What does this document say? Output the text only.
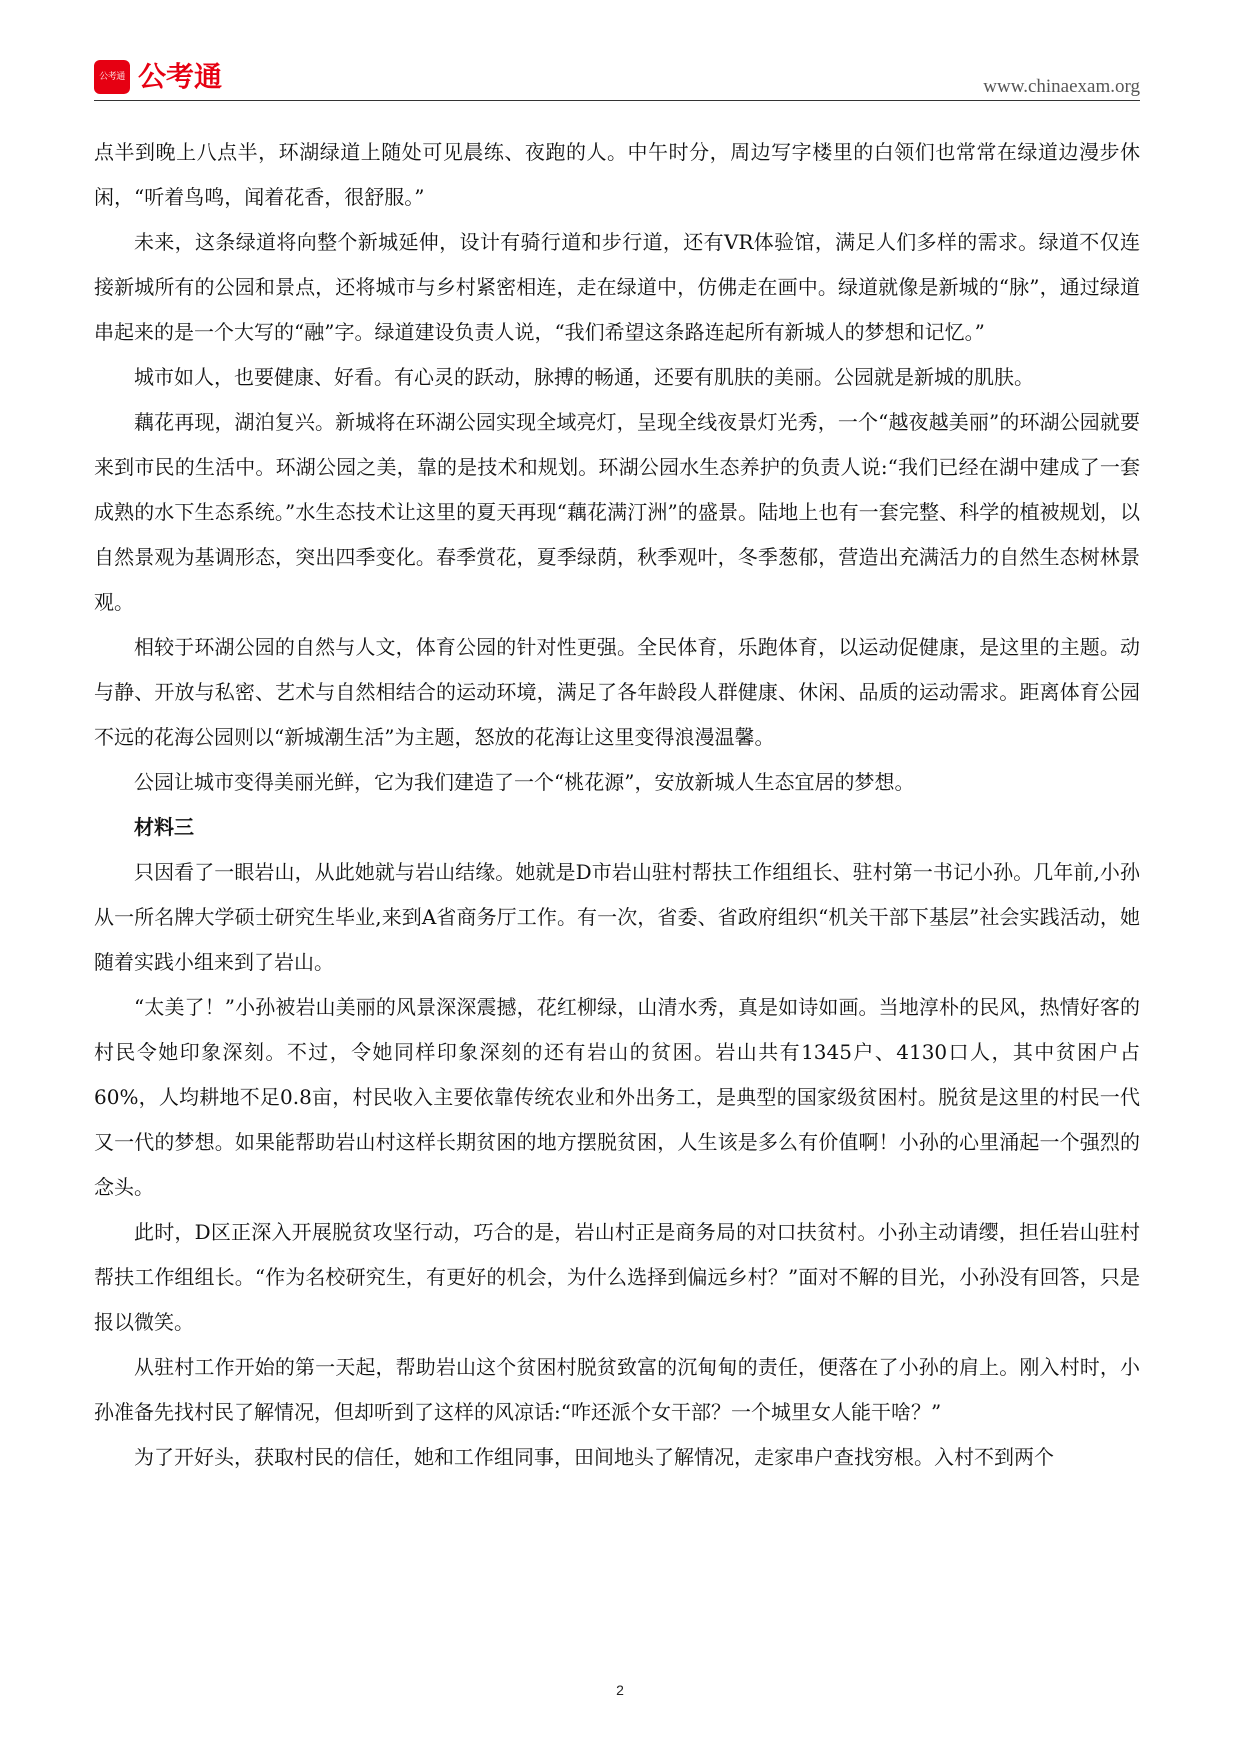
公考通 公考通	www.chinaexam.org

点半到晚上八点半，环湖绿道上随处可见晨练、夜跑的人。中午时分，周边写字楼里的白领们也常常在绿道边漫步休闲，“听着鸟鸣，闻着花香，很舒服。”

未来，这条绿道将向整个新城延伸，设计有骑行道和步行道，还有VR体验馆，满足人们多样的需求。绿道不仅连接新城所有的公园和景点，还将城市与乡村紧密相连，走在绿道中，仿佛走在画中。绿道就像是新城的“脉”，通过绿道串起来的是一个大写的“融”字。绿道建设负责人说，“我们希望这条路连起所有新城人的梦想和记忆。”

城市如人，也要健康、好看。有心灵的跃动，脉搏的畅通，还要有肌肤的美丽。公园就是新城的肌肤。

藕花再现，湖泊复兴。新城将在环湖公园实现全域亮灯，呈现全线夜景灯光秀，一个“越夜越美丽”的环湖公园就要来到市民的生活中。环湖公园之美，靠的是技术和规划。环湖公园水生态养护的负责人说:“我们已经在湖中建成了一套成熟的水下生态系统。”水生态技术让这里的夏天再现“藕花满汀洲”的盛景。陆地上也有一套完整、科学的植被规划，以自然景观为基调形态，突出四季变化。春季赏花，夏季绿荫，秋季观叶，冬季葱郁，营造出充满活力的自然生态树林景观。

相较于环湖公园的自然与人文，体育公园的针对性更强。全民体育，乐跑体育，以运动促健康，是这里的主题。动与静、开放与私密、艺术与自然相结合的运动环境，满足了各年龄段人群健康、休闲、品质的运动需求。距离体育公园不远的花海公园则以“新城潮生活”为主题，怒放的花海让这里变得浪漫温馨。

公园让城市变得美丽光鲜，它为我们建造了一个“桃花源”，安放新城人生态宜居的梦想。

材料三

只因看了一眼岩山，从此她就与岩山结缘。她就是D市岩山驻村帮扶工作组组长、驻村第一书记小孙。几年前,小孙从一所名牌大学硕士研究生毕业,来到A省商务厅工作。有一次，省委、省政府组织“机关干部下基层”社会实践活动，她随着实践小组来到了岩山。

“太美了！”小孙被岩山美丽的风景深深震撼，花红柳绿，山清水秀，真是如诗如画。当地淳朴的民风，热情好客的村民令她印象深刻。不过，令她同样印象深刻的还有岩山的贫困。岩山共有1345户、4130口人，其中贫困户占60%，人均耕地不足0.8亩，村民收入主要依靠传统农业和外出务工，是典型的国家级贫困村。脱贫是这里的村民一代又一代的梦想。如果能帮助岩山村这样长期贫困的地方摆脱贫困，人生该是多么有价值啊！小孙的心里涌起一个强烈的念头。

此时，D区正深入开展脱贫攻坚行动，巧合的是，岩山村正是商务局的对口扶贫村。小孙主动请缨，担任岩山驻村帮扶工作组组长。“作为名校研究生，有更好的机会，为什么选择到偏远乡村？”面对不解的目光，小孙没有回答，只是报以微笑。

从驻村工作开始的第一天起，帮助岩山这个贫困村脱贫致富的沉甸甸的责任，便落在了小孙的肩上。刚入村时，小孙准备先找村民了解情况，但却听到了这样的风凉话:“咋还派个女干部？一个城里女人能干啥？”

为了开好头，获取村民的信任，她和工作组同事，田间地头了解情况，走家串户查找穷根。入村不到两个

2
